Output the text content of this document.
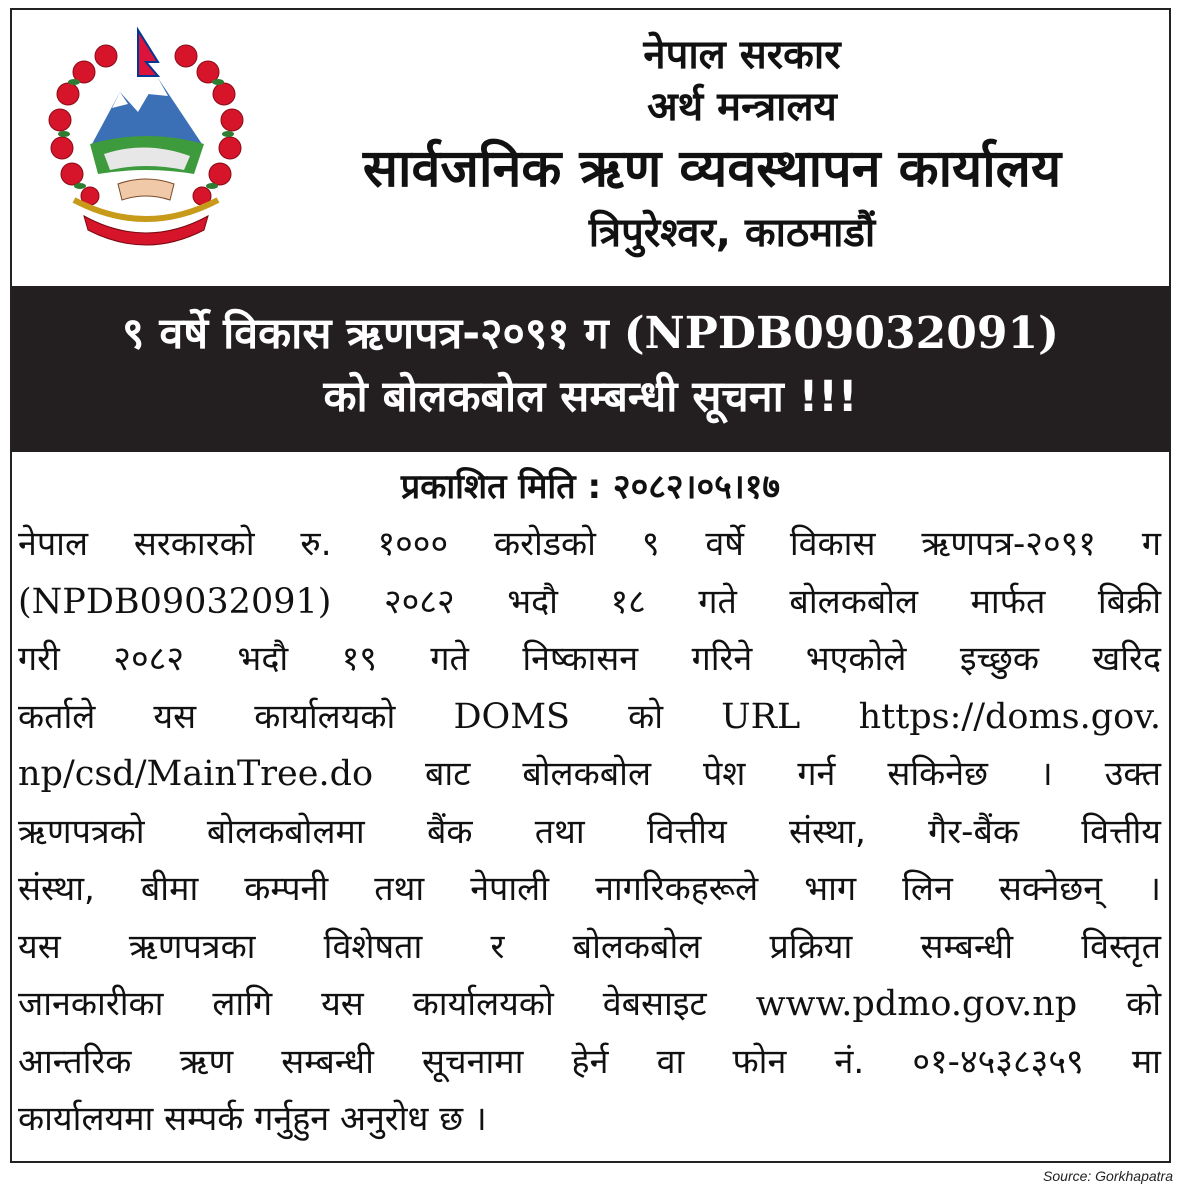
नेपाल सरकार
अर्थ मन्त्रालय
सार्वजनिक ऋण व्यवस्थापन कार्यालय
त्रिपुरेश्वर, काठमाडौं
९ वर्षे विकास ऋणपत्र-२०९१ ग (NPDB09032091)
को बोलकबोल सम्बन्धी सूचना !!!
प्रकाशित मिति : २०८२।०५।१७
नेपाल सरकारको रु. १००० करोडको ९ वर्षे विकास ऋणपत्र-२०९१ ग
(NPDB09032091) २०८२ भदौ १८ गते बोलकबोल मार्फत बिक्री
गरी २०८२ भदौ १९ गते निष्कासन गरिने भएकोले इच्छुक खरिद
कर्ताले यस कार्यालयको DOMS को URL https://doms.gov.
np/csd/MainTree.do बाट बोलकबोल पेश गर्न सकिनेछ । उक्त
ऋणपत्रको बोलकबोलमा बैंक तथा वित्तीय संस्था, गैर-बैंक वित्तीय
संस्था, बीमा कम्पनी तथा नेपाली नागरिकहरूले भाग लिन सक्नेछन् ।
यस ऋणपत्रका विशेषता र बोलकबोल प्रक्रिया सम्बन्धी विस्तृत
जानकारीका लागि यस कार्यालयको वेबसाइट www.pdmo.gov.np को
आन्तरिक ऋण सम्बन्धी सूचनामा हेर्न वा फोन नं. ०१-४५३८३५९ मा
कार्यालयमा सम्पर्क गर्नुहुन अनुरोध छ ।
Source: Gorkhapatra
